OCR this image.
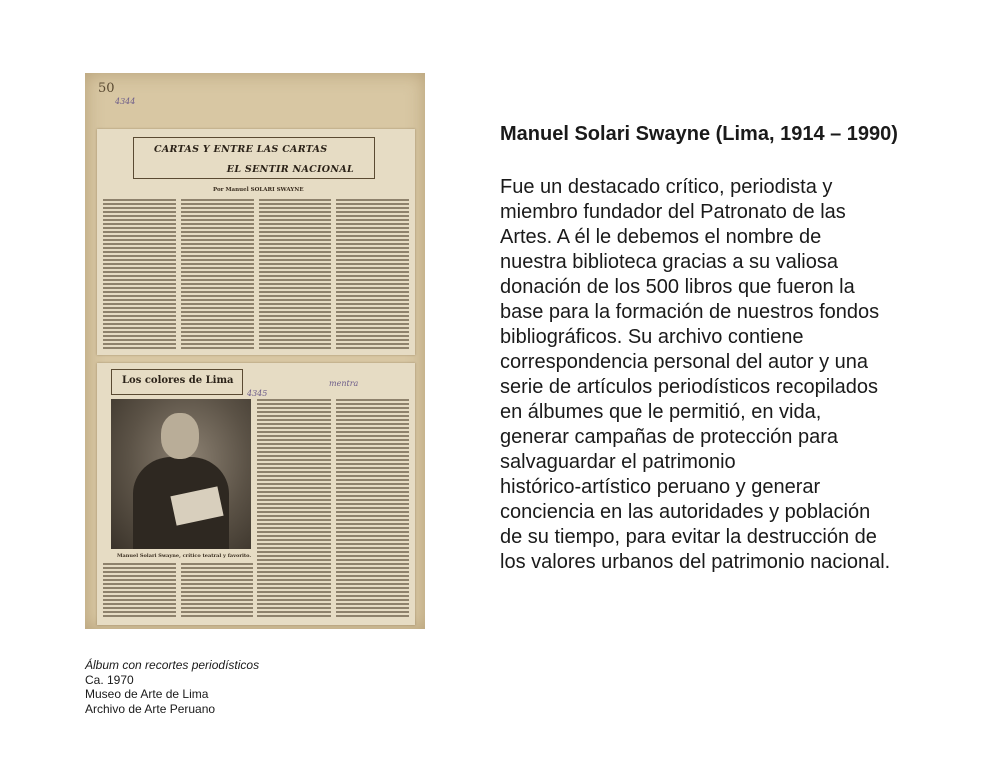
50
4344
CARTAS Y ENTRE LAS CARTAS
EL SENTIR NACIONAL
Por Manuel SOLARI SWAYNE
Los colores de Lima
4345
mentra
Manuel Solari Swayne, crítico teatral y favorito.
Manuel Solari Swayne (Lima, 1914 – 1990)

Fue un destacado crítico, periodista y
miembro fundador del Patronato de las
Artes. A él le debemos el nombre de
nuestra biblioteca gracias a su valiosa
donación de los 500 libros que fueron la
base para la formación de nuestros fondos
bibliográficos. Su archivo contiene
correspondencia personal del autor y una
serie de artículos periodísticos recopilados
en álbumes que le permitió, en vida,
generar campañas de protección para
salvaguardar el patrimonio
histórico-artístico peruano y generar
conciencia en las autoridades y población
de su tiempo, para evitar la destrucción de
los valores urbanos del patrimonio nacional.

Álbum con recortes periodísticos
Ca. 1970
Museo de Arte de Lima
Archivo de Arte Peruano
